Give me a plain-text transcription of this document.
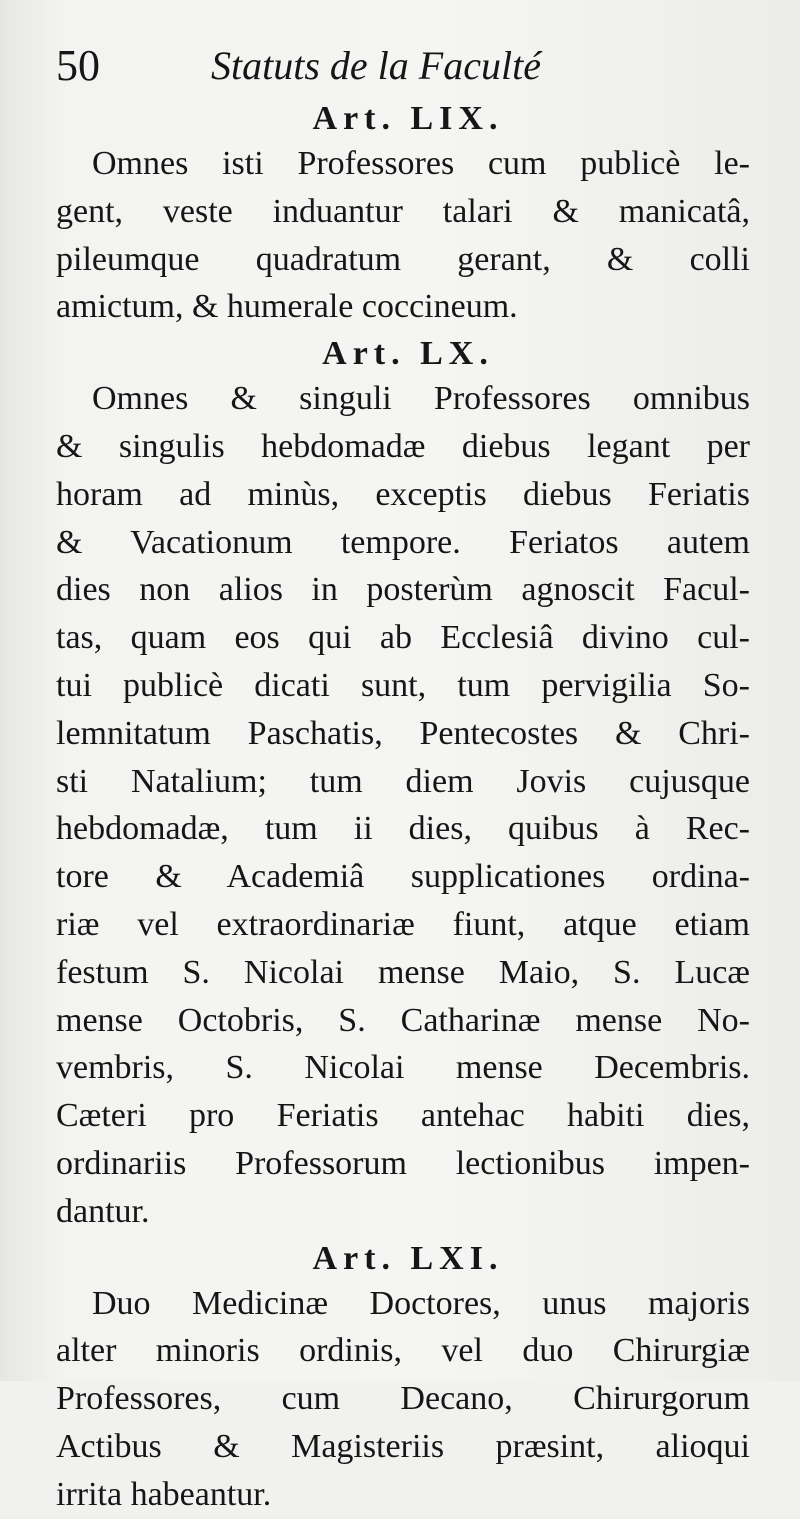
50	Statuts de la Faculté
Art. LIX.
Omnes isti Professores cum publicè le-
gent, veste induantur talari & manicatâ,
pileumque quadratum gerant, & colli
amictum, & humerale coccineum.
Art. LX.
Omnes & singuli Professores omnibus
& singulis hebdomadæ diebus legant per
horam ad minùs, exceptis diebus Feriatis
& Vacationum tempore. Feriatos autem
dies non alios in posterùm agnoscit Facul-
tas, quam eos qui ab Ecclesiâ divino cul-
tui publicè dicati sunt, tum pervigilia So-
lemnitatum Paschatis, Pentecostes & Chri-
sti Natalium; tum diem Jovis cujusque
hebdomadæ, tum ii dies, quibus à Rec-
tore & Academiâ supplicationes ordina-
riæ vel extraordinariæ fiunt, atque etiam
festum S. Nicolai mense Maio, S. Lucæ
mense Octobris, S. Catharinæ mense No-
vembris, S. Nicolai mense Decembris.
Cæteri pro Feriatis antehac habiti dies,
ordinariis Professorum lectionibus impen-
dantur.
Art. LXI.
Duo Medicinæ Doctores, unus majoris
alter minoris ordinis, vel duo Chirurgiæ
Professores, cum Decano, Chirurgorum
Actibus & Magisteriis præsint, alioqui
irrita habeantur.
